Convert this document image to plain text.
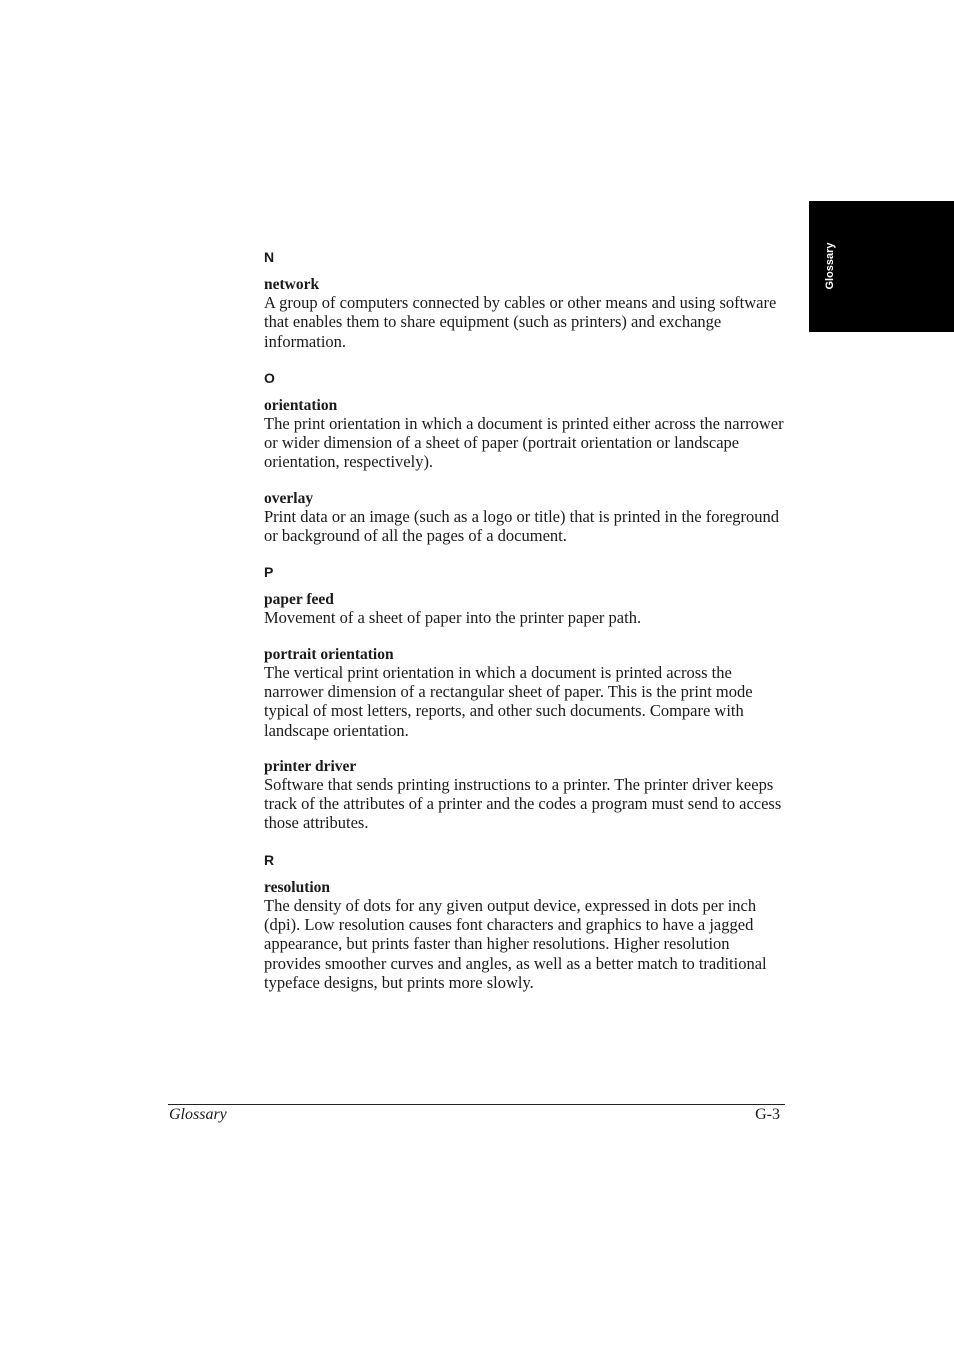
Glossary
N
network

A group of computers connected by cables or other means and using software that enables them to share equipment (such as printers) and exchange information.

O
orientation

The print orientation in which a document is printed either across the narrower or wider dimension of a sheet of paper (portrait orientation or landscape orientation, respectively).

overlay

Print data or an image (such as a logo or title) that is printed in the foreground or background of all the pages of a document.

P
paper feed

Movement of a sheet of paper into the printer paper path.

portrait orientation

The vertical print orientation in which a document is printed across the narrower dimension of a rectangular sheet of paper. This is the print mode typical of most letters, reports, and other such documents. Compare with landscape orientation.

printer driver

Software that sends printing instructions to a printer. The printer driver keeps track of the attributes of a printer and the codes a program must send to access those attributes.

R
resolution

The density of dots for any given output device, expressed in dots per inch (dpi). Low resolution causes font characters and graphics to have a jagged appearance, but prints faster than higher resolutions. Higher resolution provides smoother curves and angles, as well as a better match to traditional typeface designs, but prints more slowly.

Glossary	G-3
